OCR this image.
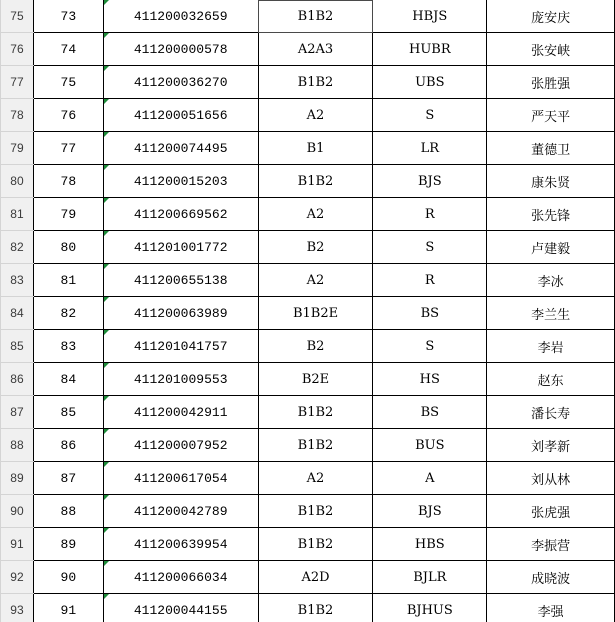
75	73	411200032659	B1B2	HBJS	庞安庆
76	74	411200000578	A2A3	HUBR	张安峡
77	75	411200036270	B1B2	UBS	张胜强
78	76	411200051656	A2	S	严天平
79	77	411200074495	B1	LR	董德卫
80	78	411200015203	B1B2	BJS	康朱贤
81	79	411200669562	A2	R	张先锋
82	80	411201001772	B2	S	卢建毅
83	81	411200655138	A2	R	李冰
84	82	411200063989	B1B2E	BS	李兰生
85	83	411201041757	B2	S	李岩
86	84	411201009553	B2E	HS	赵东
87	85	411200042911	B1B2	BS	潘长寿
88	86	411200007952	B1B2	BUS	刘孝新
89	87	411200617054	A2	A	刘从林
90	88	411200042789	B1B2	BJS	张虎强
91	89	411200639954	B1B2	HBS	李振营
92	90	411200066034	A2D	BJLR	成晓波
93	91	411200044155	B1B2	BJHUS	李强
